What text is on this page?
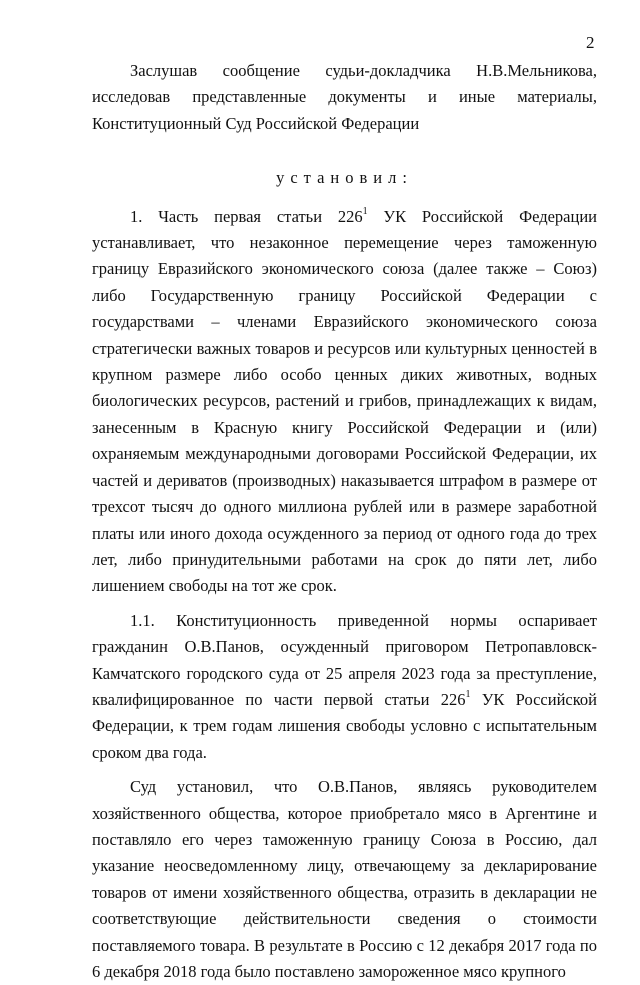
2

Заслушав сообщение судьи-докладчика Н.В.Мельникова, исследовав представленные документы и иные материалы, Конституционный Суд Российской Федерации

установил:

1. Часть первая статьи $226^1$ УК Российской Федерации устанавливает, что незаконное перемещение через таможенную границу Евразийского экономического союза (далее также – Союз) либо Государственную границу Российской Федерации с государствами – членами Евразийского экономического союза стратегически важных товаров и ресурсов или культурных ценностей в крупном размере либо особо ценных диких животных, водных биологических ресурсов, растений и грибов, принадлежащих к видам, занесенным в Красную книгу Российской Федерации и (или) охраняемым международными договорами Российской Федерации, их частей и дериватов (производных) наказывается штрафом в размере от трехсот тысяч до одного миллиона рублей или в размере заработной платы или иного дохода осужденного за период от одного года до трех лет, либо принудительными работами на срок до пяти лет, либо лишением свободы на тот же срок.

1.1. Конституционность приведенной нормы оспаривает гражданин О.В.Панов, осужденный приговором Петропавловск-Камчатского городского суда от 25 апреля 2023 года за преступление, квалифицированное по части первой статьи $226^1$ УК Российской Федерации, к трем годам лишения свободы условно с испытательным сроком два года.

Суд установил, что О.В.Панов, являясь руководителем хозяйственного общества, которое приобретало мясо в Аргентине и поставляло его через таможенную границу Союза в Россию, дал указание неосведомленному лицу, отвечающему за декларирование товаров от имени хозяйственного общества, отразить в декларации не соответствующие действительности сведения о стоимости поставляемого товара. В результате в Россию с 12 декабря 2017 года по 6 декабря 2018 года было поставлено замороженное мясо крупного
